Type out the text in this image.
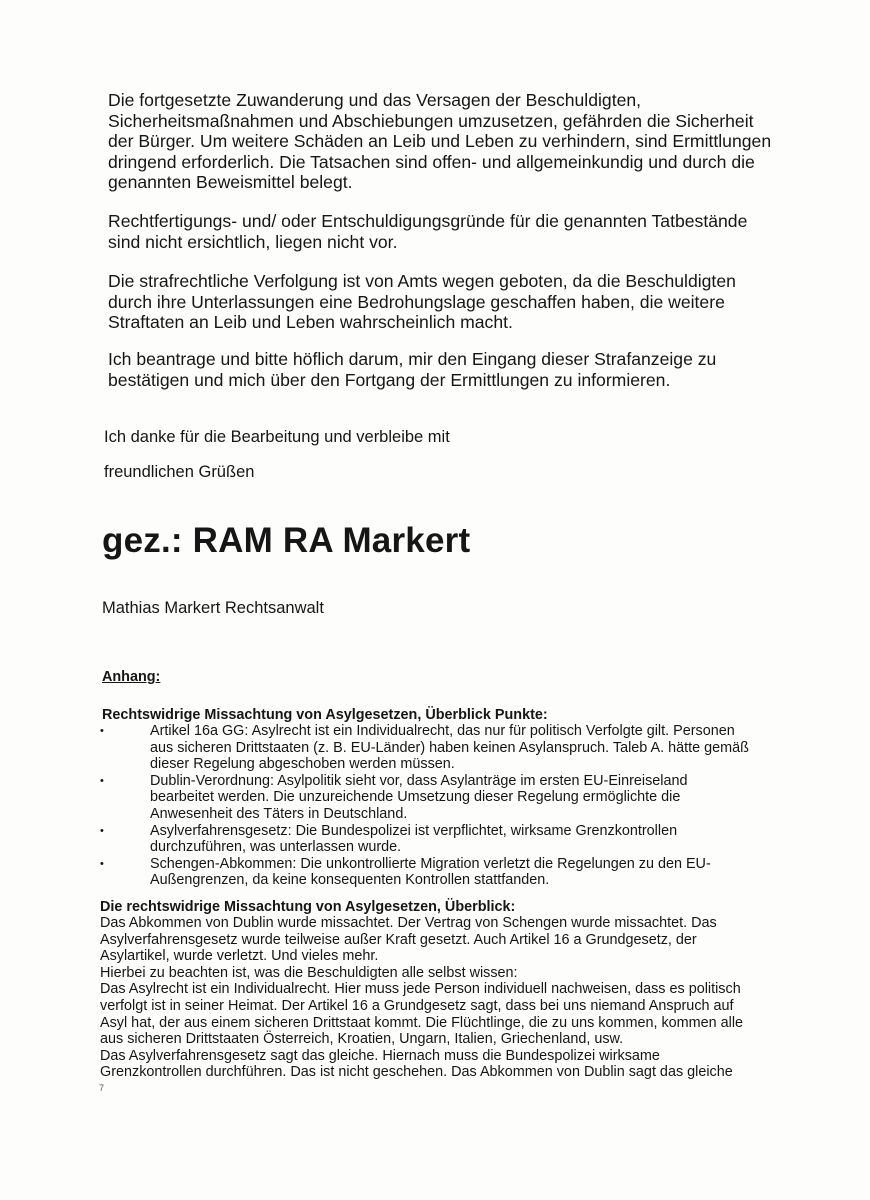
Die fortgesetzte Zuwanderung und das Versagen der Beschuldigten,
Sicherheitsmaßnahmen und Abschiebungen umzusetzen, gefährden die Sicherheit
der Bürger. Um weitere Schäden an Leib und Leben zu verhindern, sind Ermittlungen
dringend erforderlich. Die Tatsachen sind offen- und allgemeinkundig und durch die
genannten Beweismittel belegt.
Rechtfertigungs- und/ oder Entschuldigungsgründe für die genannten Tatbestände
sind nicht ersichtlich, liegen nicht vor.
Die strafrechtliche Verfolgung ist von Amts wegen geboten, da die Beschuldigten
durch ihre Unterlassungen eine Bedrohungslage geschaffen haben, die weitere
Straftaten an Leib und Leben wahrscheinlich macht.
Ich beantrage und bitte höflich darum, mir den Eingang dieser Strafanzeige zu
bestätigen und mich über den Fortgang der Ermittlungen zu informieren.
Ich danke für die Bearbeitung und verbleibe mit
freundlichen Grüßen
gez.: RAM RA Markert
Mathias Markert Rechtsanwalt
Anhang:
Rechtswidrige Missachtung von Asylgesetzen, Überblick Punkte:
•	Artikel 16a GG: Asylrecht ist ein Individualrecht, das nur für politisch Verfolgte gilt. Personen
aus sicheren Drittstaaten (z. B. EU-Länder) haben keinen Asylanspruch. Taleb A. hätte gemäß
dieser Regelung abgeschoben werden müssen.
•	Dublin-Verordnung: Asylpolitik sieht vor, dass Asylanträge im ersten EU-Einreiseland
bearbeitet werden. Die unzureichende Umsetzung dieser Regelung ermöglichte die
Anwesenheit des Täters in Deutschland.
•	Asylverfahrensgesetz: Die Bundespolizei ist verpflichtet, wirksame Grenzkontrollen
durchzuführen, was unterlassen wurde.
•	Schengen-Abkommen: Die unkontrollierte Migration verletzt die Regelungen zu den EU-
Außengrenzen, da keine konsequenten Kontrollen stattfanden.
Die rechtswidrige Missachtung von Asylgesetzen, Überblick:
Das Abkommen von Dublin wurde missachtet. Der Vertrag von Schengen wurde missachtet. Das
Asylverfahrensgesetz wurde teilweise außer Kraft gesetzt. Auch Artikel 16 a Grundgesetz, der
Asylartikel, wurde verletzt. Und vieles mehr.
Hierbei zu beachten ist, was die Beschuldigten alle selbst wissen:
Das Asylrecht ist ein Individualrecht. Hier muss jede Person individuell nachweisen, dass es politisch
verfolgt ist in seiner Heimat. Der Artikel 16 a Grundgesetz sagt, dass bei uns niemand Anspruch auf
Asyl hat, der aus einem sicheren Drittstaat kommt. Die Flüchtlinge, die zu uns kommen, kommen alle
aus sicheren Drittstaaten Österreich, Kroatien, Ungarn, Italien, Griechenland, usw.
Das Asylverfahrensgesetz sagt das gleiche. Hiernach muss die Bundespolizei wirksame
Grenzkontrollen durchführen. Das ist nicht geschehen. Das Abkommen von Dublin sagt das gleiche
7
